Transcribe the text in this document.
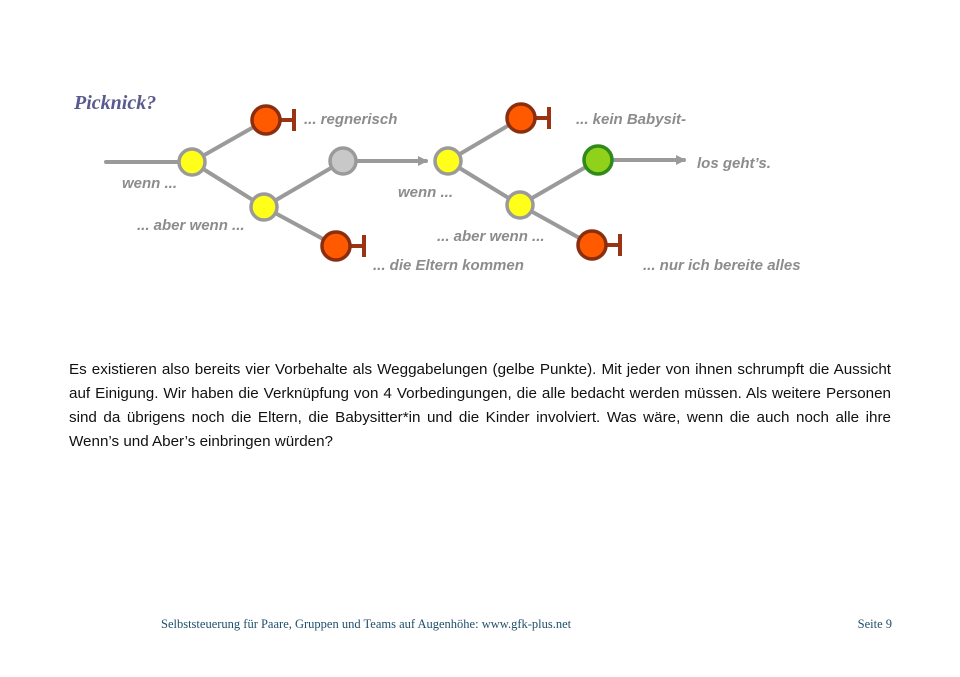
Picknick?
wenn ...
... aber wenn ...
... regnerisch
... die Eltern kommen
wenn ...
... aber wenn ...
... kein Babysit-
los geht’s.
... nur ich bereite alles

Es existieren also bereits vier Vorbehalte als Weggabelungen (gelbe Punkte). Mit jeder von ihnen schrumpft die Aussicht auf Einigung. Wir haben die Verknüpfung von 4 Vorbedingungen, die alle bedacht werden müssen. Als weitere Personen sind da übrigens noch die Eltern, die Babysitter*in und die Kinder involviert. Was wäre, wenn die auch noch alle ihre Wenn’s und Aber’s einbringen würden?

Selbststeuerung für Paare, Gruppen und Teams auf Augenhöhe: www.gfk-plus.net	Seite 9
